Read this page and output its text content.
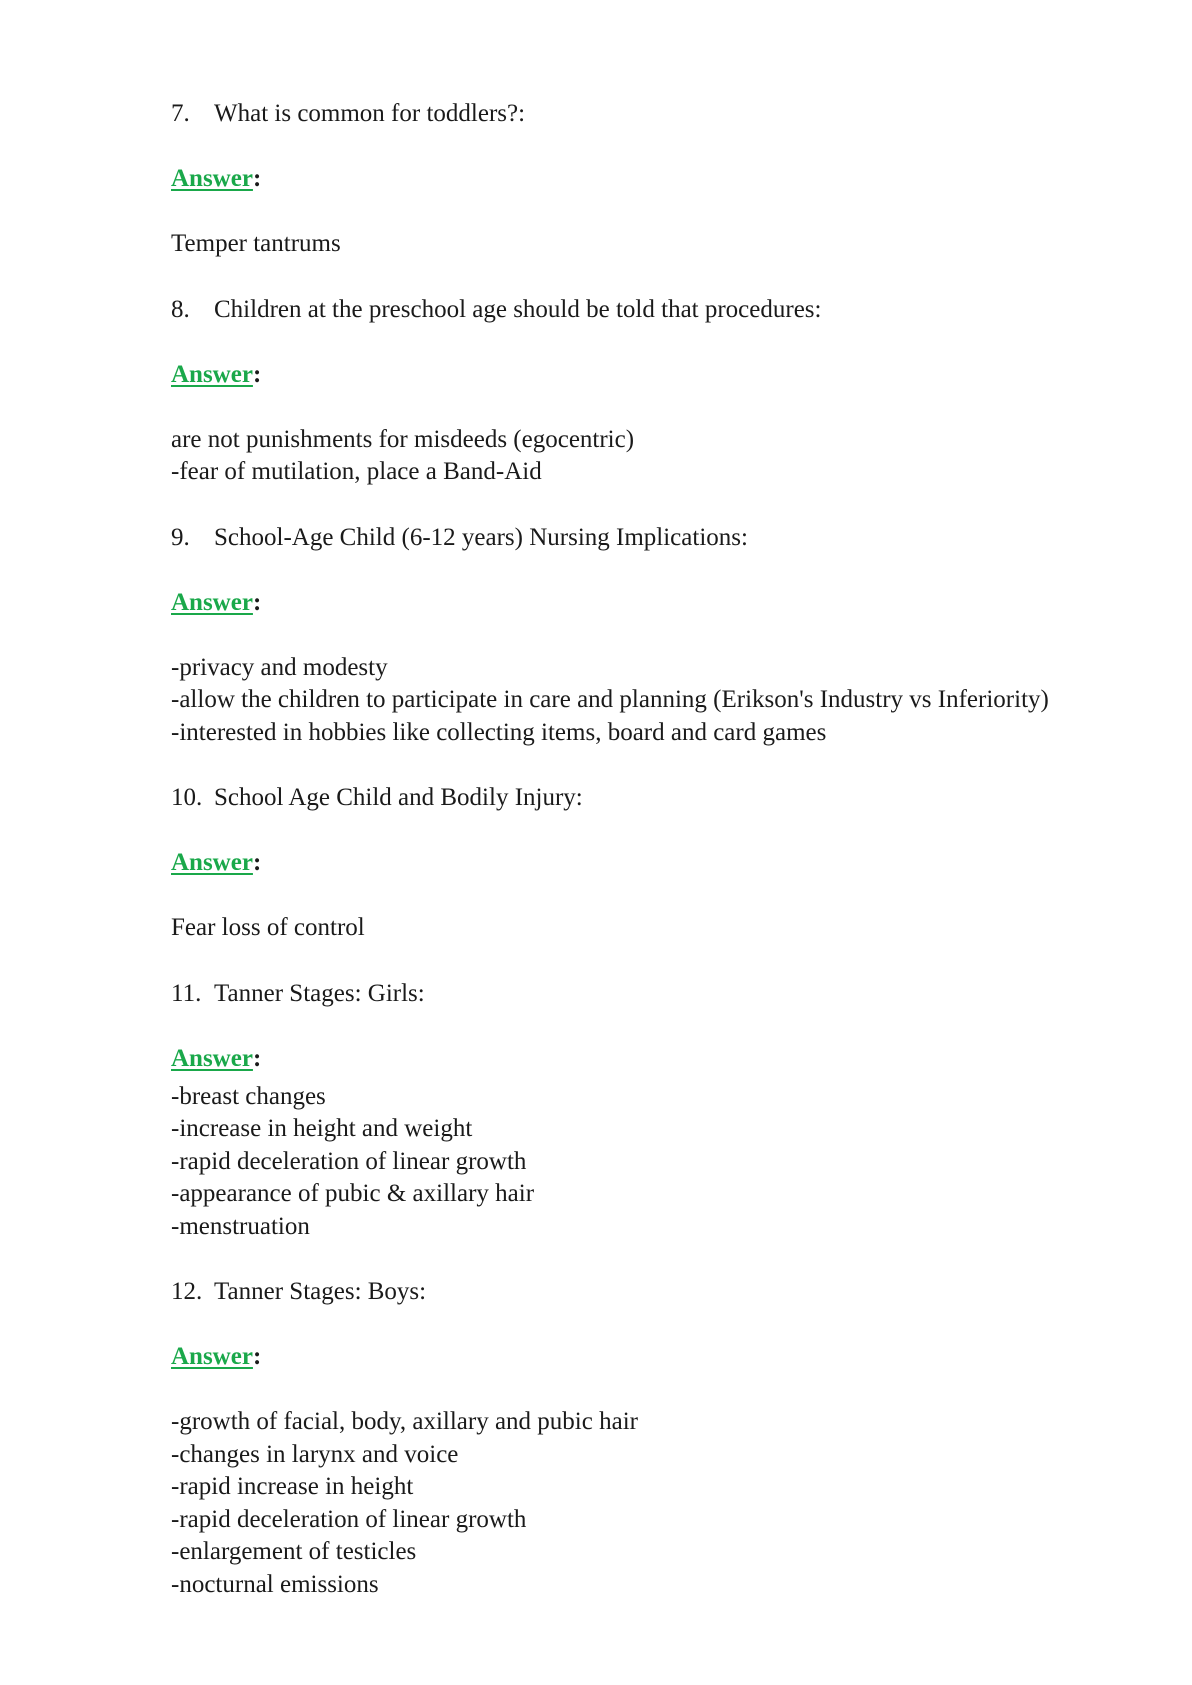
7. What is common for toddlers?:

Answer:

Temper tantrums

8. Children at the preschool age should be told that procedures:

Answer:

are not punishments for misdeeds (egocentric)
-fear of mutilation, place a Band-Aid

9. School-Age Child (6-12 years) Nursing Implications:

Answer:

-privacy and modesty
-allow the children to participate in care and planning (Erikson's Industry vs Inferiority)
-interested in hobbies like collecting items, board and card games

10. School Age Child and Bodily Injury:

Answer:

Fear loss of control

11. Tanner Stages: Girls:

Answer:

-breast changes
-increase in height and weight
-rapid deceleration of linear growth
-appearance of pubic & axillary hair
-menstruation

12. Tanner Stages: Boys:

Answer:

-growth of facial, body, axillary and pubic hair
-changes in larynx and voice
-rapid increase in height
-rapid deceleration of linear growth
-enlargement of testicles
-nocturnal emissions
